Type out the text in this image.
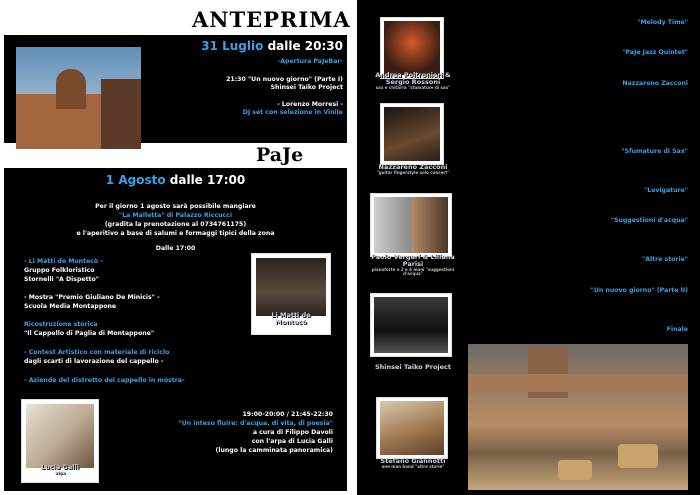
ANTEPRIMA
31 Luglio dalle 20:30
-Apertura PaJeBar-
21:30 "Un nuovo giorno" (Parte I)
Shinsei Taiko Project
- Lorenzo Morresi -
DJ set con selezione in Vinile
PaJe
1 Agosto dalle 17:00
Per il giorno 1 agosto sarà possibile mangiare
"La Malletta" di Palazzo Riccucci
(gradita la prenotazione al 0734761175)
e l'aperitivo a base di salumi e formaggi tipici della zona
Dalle 17:00
- Li Matti de Montecò -
Gruppo Folkloristico
Stornelli "A Dispetto"
- Mostra "Premio Giuliano De Minicis" -
Scuola Media Montappone
Ricostruzione storica
"Il Cappello di Paglia di Montappone"
- Contest Artistico con materiale di riciclo
dagli scarti di lavorazione del cappello -
- Aziende del distretto del cappello in mostra-
Li Matti de Montecò
19:00-20:00 / 21:45-22:30
"Un inteso fluire: d'acqua, di vita, di poesia"
a cura di Filippo Davoli
con l'arpa di Lucia Galli
(lungo la camminata panoramica)
Lucia Galli
arpa
Andrea Poltronieri & Sergio Rossoni
sax e chitarra "sfumature di sax"
Nazzareno Zacconi
"guitar fingerstyle solo concert"
Paolo Vergari & Liliana Parisi
pianoforte a 2 e 4 mani "suggestioni d'acqua"
Shinsei Taiko Project
Stefano Giannotti
one man band "altre storie"
17:30-18:15 "Melody Time"
Melissa Galosi e Laura Tomasucci
18:15-19:30 "PaJe Jazz Quintet"
19:30-20:15
Nazzareno Zacconi
"Guitar Solo"
20:15 / 22:00 / 23:45
Mirko Tulli e Veronica Mariani
Verticalismo, acrobatica aerea e a coppia
20:30 - 21:15 "Sfumature di Sax"
Andrea Poltronieri e Sergio Rossoni
Sassofono e Chitarra
21:15-22:00 "Levigature"
Wip Trio
22:15-23:00 "Suggestioni d'acqua"
Paolo Vergari e Liliana Parisi
Pianoforte a 2 e 4 mani
23:00-23:45 "Altre storie"
Stefano Giannotti, one man band
23:50 "Un nuovo giorno" (Parte II)
Shinsei Taiko Project
00:00
Finale
